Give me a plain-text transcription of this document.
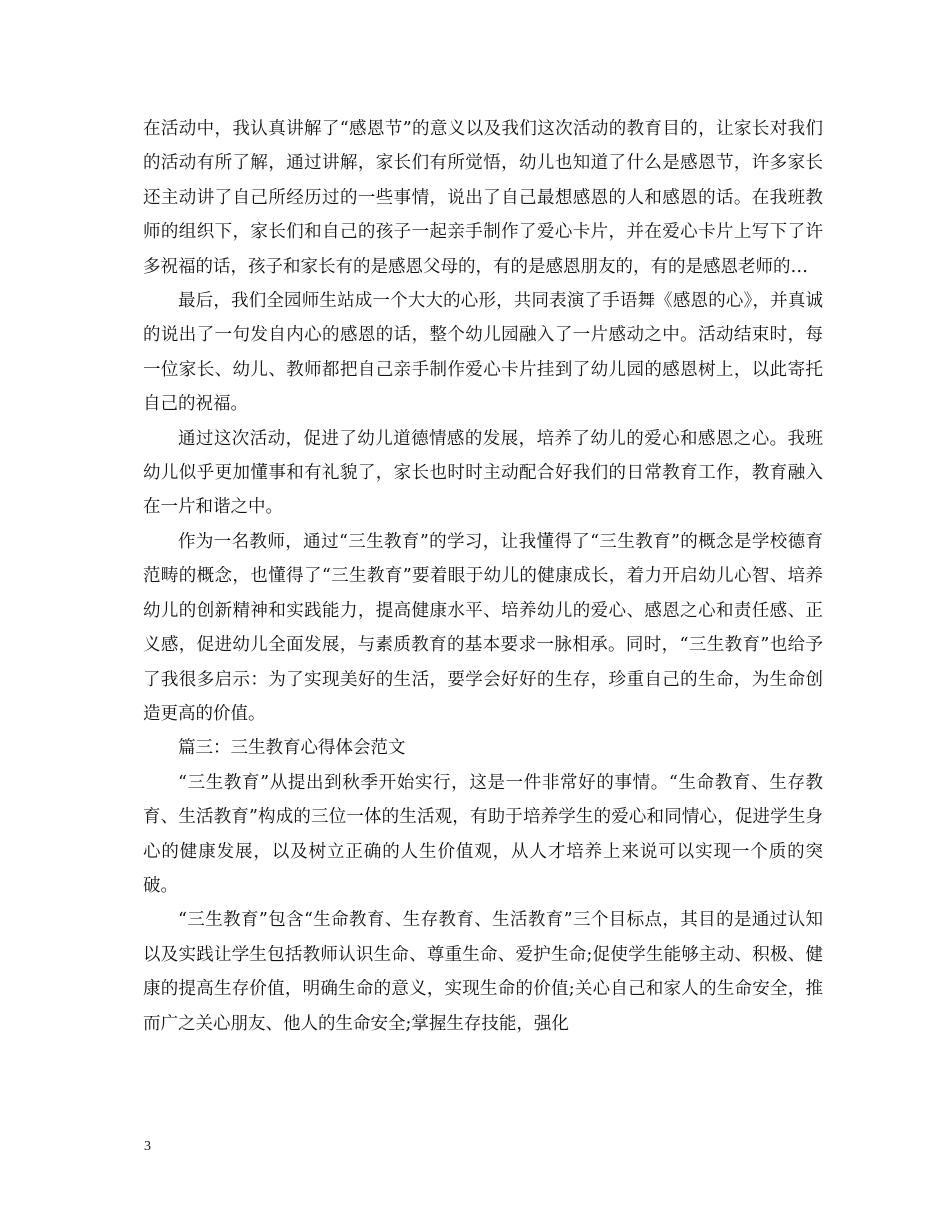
在活动中，我认真讲解了“感恩节”的意义以及我们这次活动的教育目的，让家长对我们的活动有所了解，通过讲解，家长们有所觉悟，幼儿也知道了什么是感恩节，许多家长还主动讲了自己所经历过的一些事情，说出了自己最想感恩的人和感恩的话。在我班教师的组织下，家长们和自己的孩子一起亲手制作了爱心卡片，并在爱心卡片上写下了许多祝福的话，孩子和家长有的是感恩父母的，有的是感恩朋友的，有的是感恩老师的…

最后，我们全园师生站成一个大大的心形，共同表演了手语舞《感恩的心》，并真诚的说出了一句发自内心的感恩的话，整个幼儿园融入了一片感动之中。活动结束时，每一位家长、幼儿、教师都把自己亲手制作爱心卡片挂到了幼儿园的感恩树上，以此寄托自己的祝福。

通过这次活动，促进了幼儿道德情感的发展，培养了幼儿的爱心和感恩之心。我班幼儿似乎更加懂事和有礼貌了，家长也时时主动配合好我们的日常教育工作，教育融入在一片和谐之中。

作为一名教师，通过“三生教育”的学习，让我懂得了“三生教育”的概念是学校德育范畴的概念，也懂得了“三生教育”要着眼于幼儿的健康成长，着力开启幼儿心智、培养幼儿的创新精神和实践能力，提高健康水平、培养幼儿的爱心、感恩之心和责任感、正义感，促进幼儿全面发展，与素质教育的基本要求一脉相承。同时，“三生教育”也给予了我很多启示：为了实现美好的生活，要学会好好的生存，珍重自己的生命，为生命创造更高的价值。

篇三：三生教育心得体会范文

“三生教育”从提出到秋季开始实行，这是一件非常好的事情。“生命教育、生存教育、生活教育”构成的三位一体的生活观，有助于培养学生的爱心和同情心，促进学生身心的健康发展，以及树立正确的人生价值观，从人才培养上来说可以实现一个质的突破。

“三生教育”包含“生命教育、生存教育、生活教育”三个目标点，其目的是通过认知以及实践让学生包括教师认识生命、尊重生命、爱护生命;促使学生能够主动、积极、健康的提高生存价值，明确生命的意义，实现生命的价值;关心自己和家人的生命安全，推而广之关心朋友、他人的生命安全;掌握生存技能，强化

3
